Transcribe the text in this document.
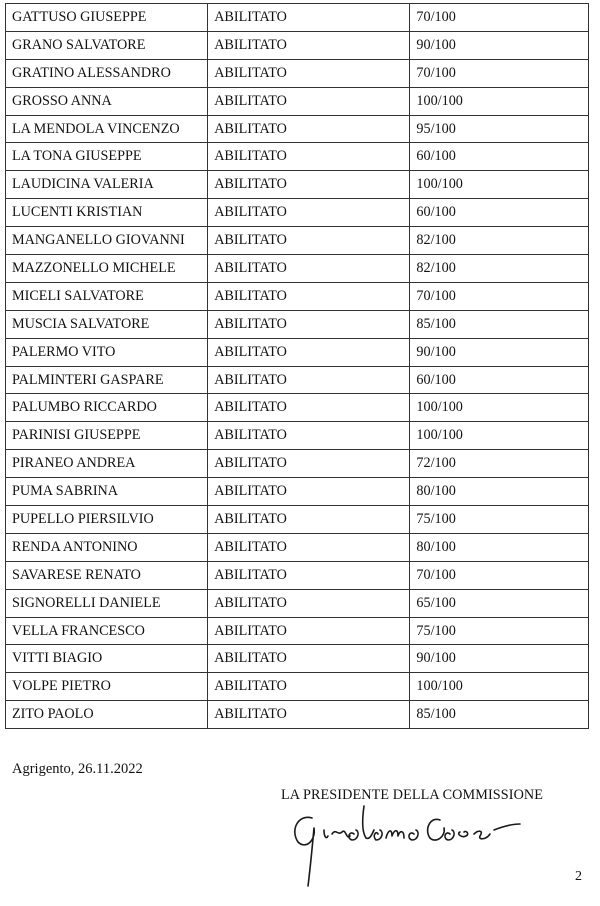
GATTUSO GIUSEPPE	ABILITATO	70/100
GRANO SALVATORE	ABILITATO	90/100
GRATINO ALESSANDRO	ABILITATO	70/100
GROSSO ANNA	ABILITATO	100/100
LA MENDOLA VINCENZO	ABILITATO	95/100
LA TONA GIUSEPPE	ABILITATO	60/100
LAUDICINA VALERIA	ABILITATO	100/100
LUCENTI KRISTIAN	ABILITATO	60/100
MANGANELLO GIOVANNI	ABILITATO	82/100
MAZZONELLO MICHELE	ABILITATO	82/100
MICELI SALVATORE	ABILITATO	70/100
MUSCIA SALVATORE	ABILITATO	85/100
PALERMO VITO	ABILITATO	90/100
PALMINTERI GASPARE	ABILITATO	60/100
PALUMBO RICCARDO	ABILITATO	100/100
PARINISI GIUSEPPE	ABILITATO	100/100
PIRANEO ANDREA	ABILITATO	72/100
PUMA SABRINA	ABILITATO	80/100
PUPELLO PIERSILVIO	ABILITATO	75/100
RENDA ANTONINO	ABILITATO	80/100
SAVARESE RENATO	ABILITATO	70/100
SIGNORELLI DANIELE	ABILITATO	65/100
VELLA FRANCESCO	ABILITATO	75/100
VITTI BIAGIO	ABILITATO	90/100
VOLPE PIETRO	ABILITATO	100/100
ZITO PAOLO	ABILITATO	85/100
Agrigento, 26.11.2022
LA PRESIDENTE DELLA COMMISSIONE
2
